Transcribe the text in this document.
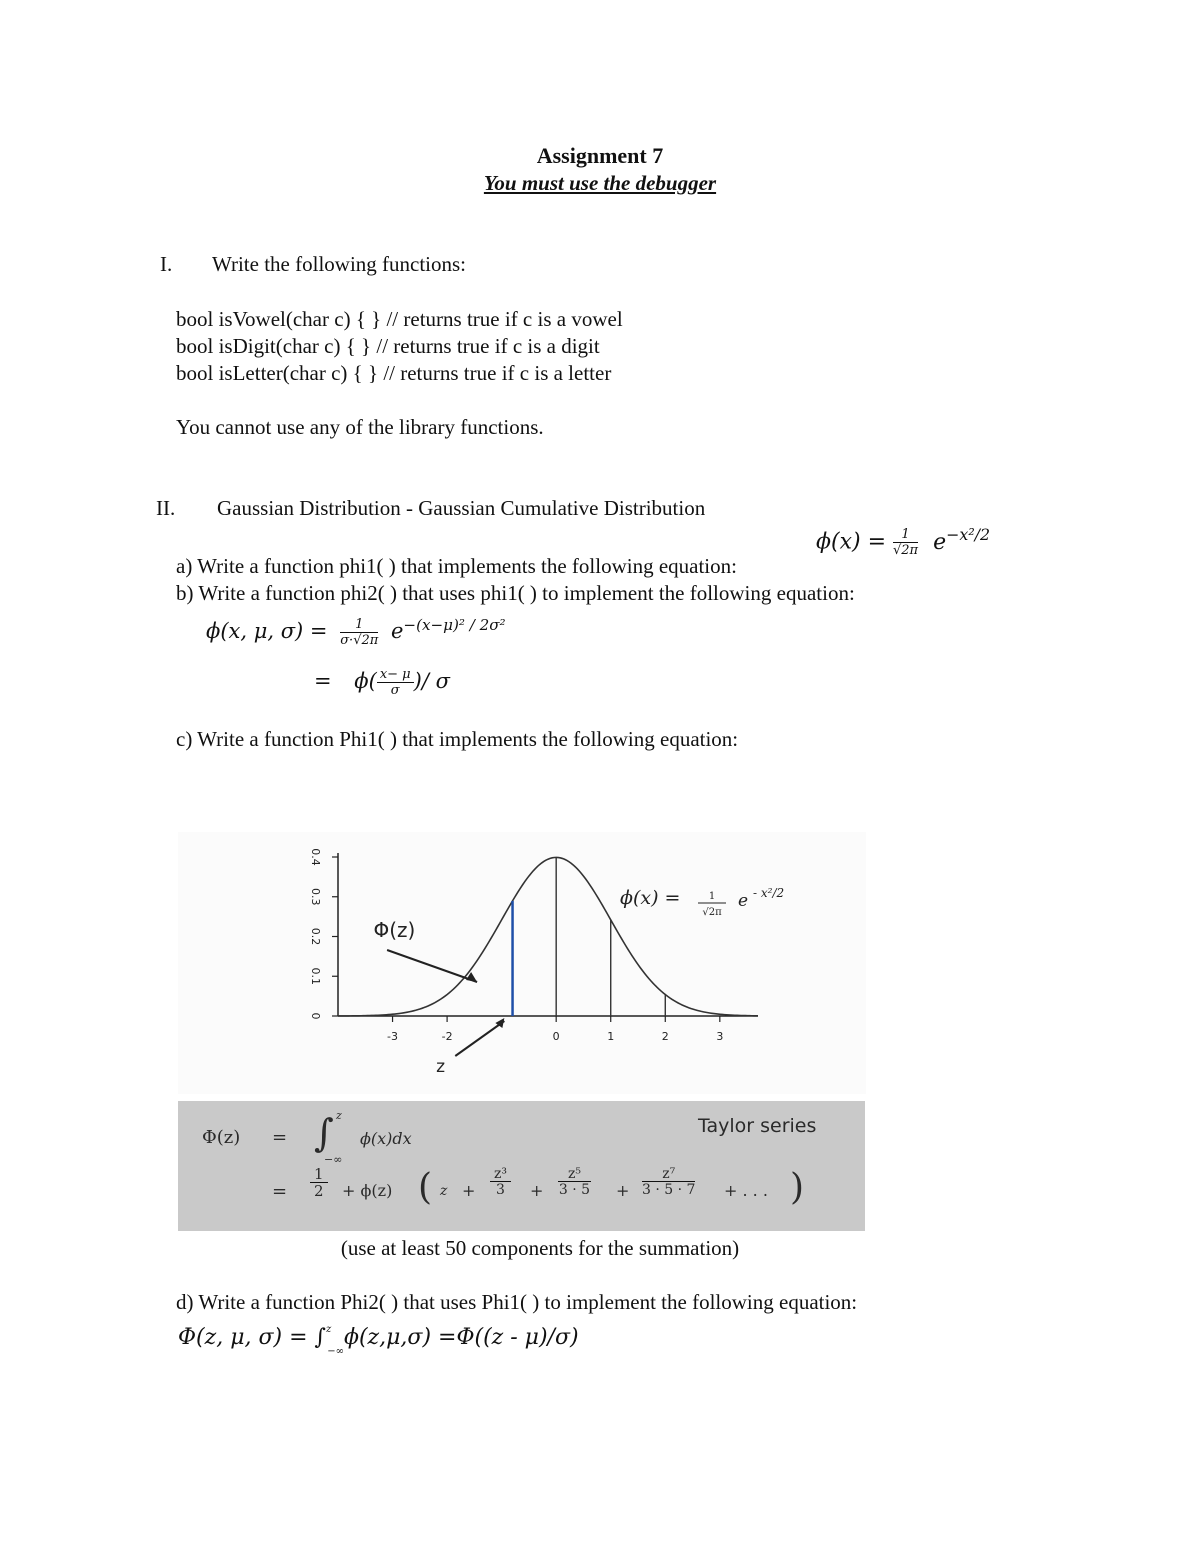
Assignment 7
You must use the debugger
I. Write the following functions:
bool isVowel(char c) { } // returns true if c is a vowel
bool isDigit(char c) { } // returns true if c is a digit
bool isLetter(char c) { } // returns true if c is a letter
You cannot use any of the library functions.
II. Gaussian Distribution - Gaussian Cumulative Distribution
$\phi(x) = \frac{1}{√2\pi} e^{-x^2/2}$
a) Write a function phi1( ) that implements the following equation:
b) Write a function phi2( ) that uses phi1( ) to implement the following equation:
ϕ(x, μ, $\sigma) = \frac{1}{\sigma\cdot√2\pi} e^{-(x-\mu)^2 / 2\sigma^2}$
= $\phi( \frac{x- \mu}{\sigma}$ )/ σ
c) Write a function Phi1( ) that implements the following equation:
0
0.1
0.2
0.3
0.4
-3	-2	0	1	2	3
Φ(z)
z
ϕ(x) =	1
√2π
e - x²/2
Taylor series
Φ(z) = ∫ z
−∞
ϕ(x)dx
= $\frac{1}{2} + \phi(z)$ ( $z + \frac{\text{z³}}{3} + \frac{\text{z⁵}}{3 \cdot 5} + \frac{\text{z⁷}}{3 \cdot 5 \cdot 7}$ + . . . )
(use at least 50 components for the summation)
d) Write a function Phi2( ) that uses Phi1( ) to implement the following equation:
Φ(z, μ, σ) = ∫$^z_{-\infty}$ϕ(z,μ,σ) =Φ((z - μ)/σ)
